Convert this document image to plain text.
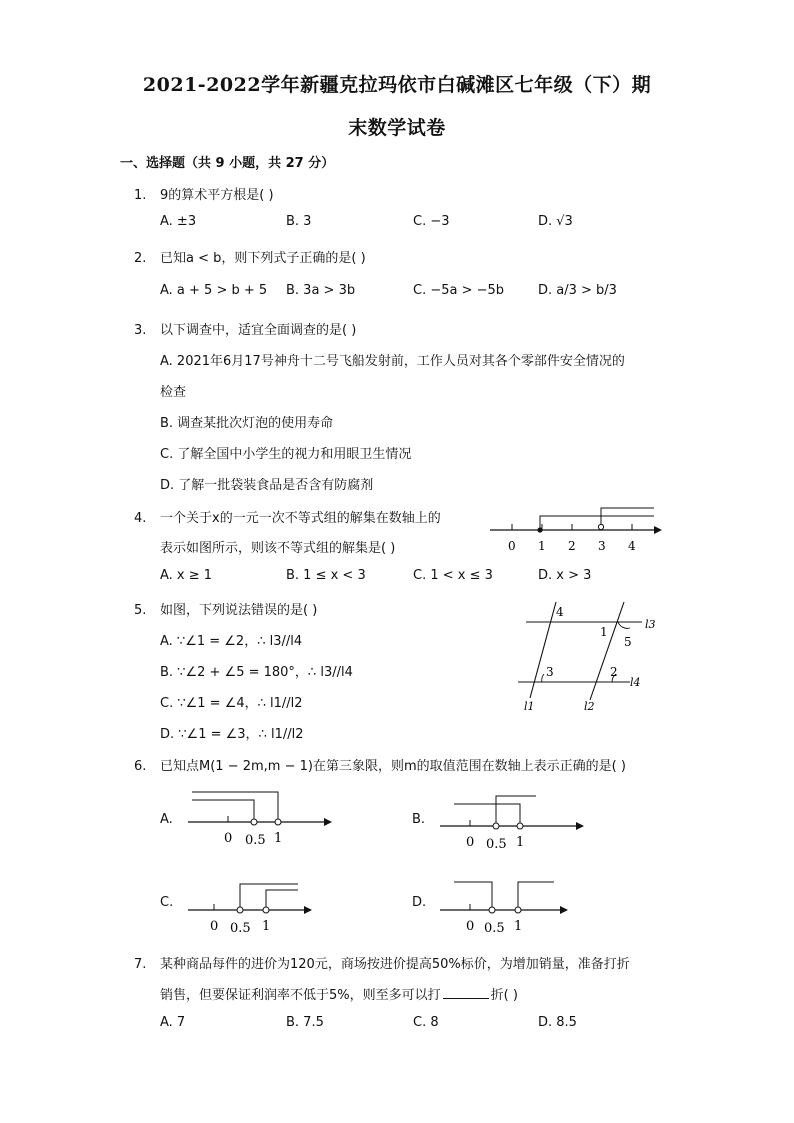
2021-2022学年新疆克拉玛依市白碱滩区七年级（下）期
末数学试卷
一、选择题（共 9 小题，共 27 分）
1. 9的算术平方根是( )
A. ±3	B. 3	C. −3	D. √3
2. 已知a < b，则下列式子正确的是( )
A. a + 5 > b + 5 B. 3a > 3b	C. −5a > −5b	D. a/3 > b/3
3. 以下调查中，适宜全面调查的是( )
A. 2021年6月17号神舟十二号飞船发射前，工作人员对其各个零部件安全情况的
检查
B. 调查某批次灯泡的使用寿命
C. 了解全国中小学生的视力和用眼卫生情况
D. 了解一批袋装食品是否含有防腐剂
4. 一个关于x的一元一次不等式组的解集在数轴上的
表示如图所示，则该不等式组的解集是( )
A. x ≥ 1	B. 1 ≤ x < 3	C. 1 < x ≤ 3	D. x > 3
0 1 2 3 4
5. 如图，下列说法错误的是( )
A. ∵∠1 = ∠2，∴ l3//l4
B. ∵∠2 + ∠5 = 180°，∴ l3//l4
C. ∵∠1 = ∠4，∴ l1//l2
D. ∵∠1 = ∠3，∴ l1//l2
4
1
5
3	2
l3
l4
l1	l2
6. 已知点M(1 − 2m,m − 1)在第三象限，则m的取值范围在数轴上表示正确的是( )
A.
0 0.5 1
B.
0 0.5 1
C.
0 0.5 1
D.
0 0.5 1
7. 某种商品每件的进价为120元，商场按进价提高50%标价，为增加销量，准备打折
销售，但要保证利润率不低于5%，则至多可以打	折( )
A. 7	B. 7.5	C. 8	D. 8.5
